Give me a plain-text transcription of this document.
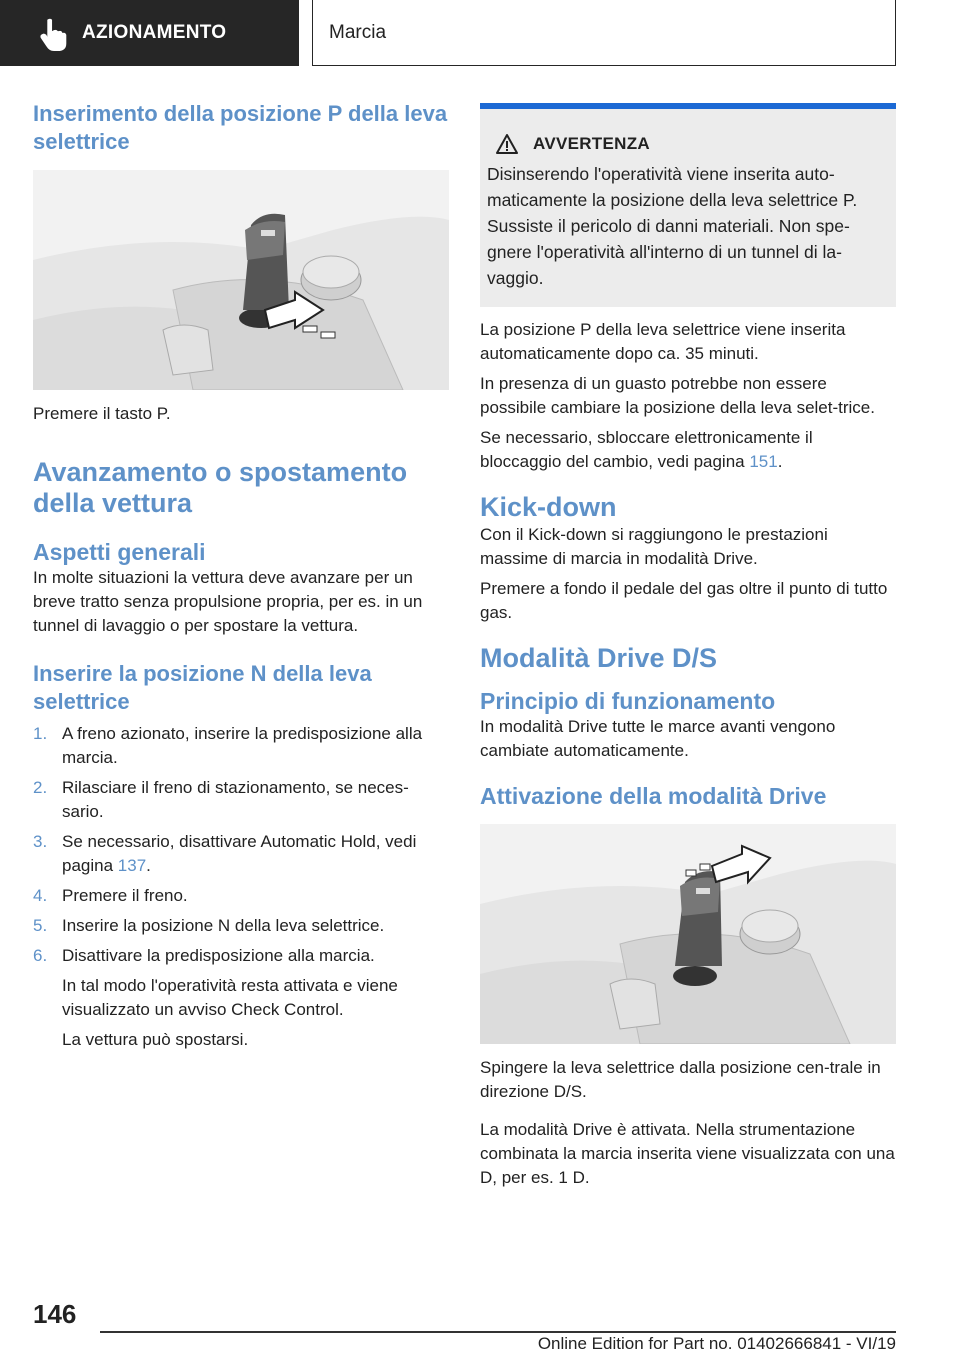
AZIONAMENTO	Marcia
Inserimento della posizione P della leva selettrice
Premere il tasto P.
Avanzamento o spostamento della vettura
Aspetti generali
In molte situazioni la vettura deve avanzare per un breve tratto senza propulsione propria, per es. in un tunnel di lavaggio o per spostare la vettura.
Inserire la posizione N della leva selettrice
1. A freno azionato, inserire la predisposizione alla marcia.
2. Rilasciare il freno di stazionamento, se neces‐sario.
3. Se necessario, disattivare Automatic Hold, vedi pagina 137.
4. Premere il freno.
5. Inserire la posizione N della leva selettrice.
6. Disattivare la predisposizione alla marcia.
In tal modo l'operatività resta attivata e viene visualizzato un avviso Check Control.
La vettura può spostarsi.
AVVERTENZA
Disinserendo l'operatività viene inserita auto‐maticamente la posizione della leva selettrice P. Sussiste il pericolo di danni materiali. Non spe‐gnere l'operatività all'interno di un tunnel di la‐vaggio.
La posizione P della leva selettrice viene inserita automaticamente dopo ca. 35 minuti.
In presenza di un guasto potrebbe non essere possibile cambiare la posizione della leva selet‐trice.
Se necessario, sbloccare elettronicamente il bloccaggio del cambio, vedi pagina 151.
Kick-down
Con il Kick-down si raggiungono le prestazioni massime di marcia in modalità Drive.
Premere a fondo il pedale del gas oltre il punto di tutto gas.
Modalità Drive D/S
Principio di funzionamento
In modalità Drive tutte le marce avanti vengono cambiate automaticamente.
Attivazione della modalità Drive
Spingere la leva selettrice dalla posizione cen‐trale in direzione D/S.
La modalità Drive è attivata. Nella strumentazione combinata la marcia inserita viene visualizzata con una D, per es. 1 D.
146
Online Edition for Part no. 01402666841 - VI/19
